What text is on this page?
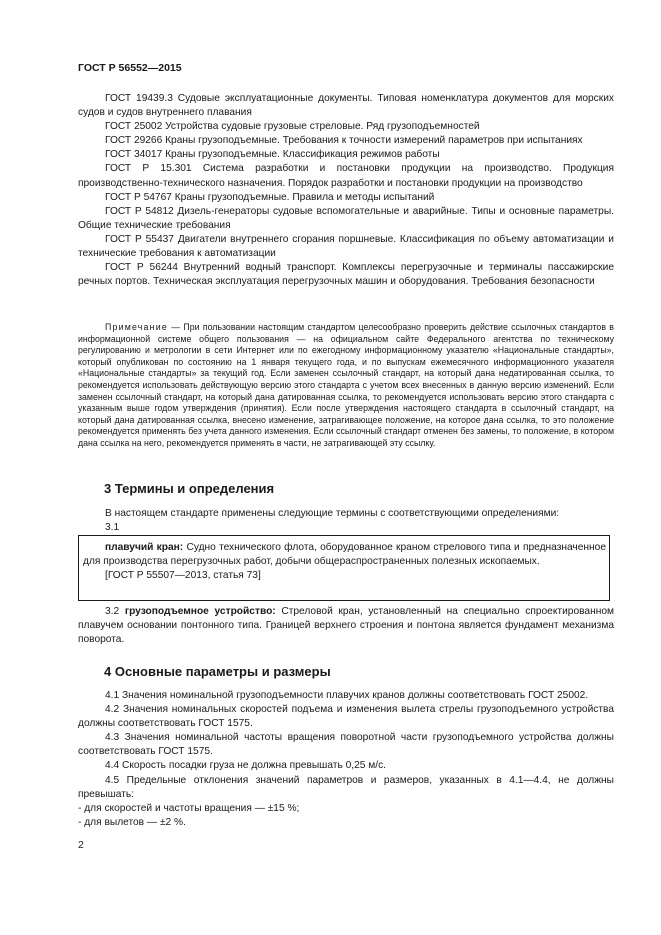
ГОСТ Р 56552—2015

ГОСТ 19439.3 Судовые эксплуатационные документы. Типовая номенклатура документов для морских судов и судов внутреннего плавания

ГОСТ 25002 Устройства судовые грузовые стреловые. Ряд грузоподъемностей

ГОСТ 29266 Краны грузоподъемные. Требования к точности измерений параметров при испытаниях

ГОСТ 34017 Краны грузоподъемные. Классификация режимов работы

ГОСТ Р 15.301 Система разработки и постановки продукции на производство. Продукция производственно-технического назначения. Порядок разработки и постановки продукции на производство

ГОСТ Р 54767 Краны грузоподъемные. Правила и методы испытаний

ГОСТ Р 54812 Дизель-генераторы судовые вспомогательные и аварийные. Типы и основные параметры. Общие технические требования

ГОСТ Р 55437 Двигатели внутреннего сгорания поршневые. Классификация по объему автоматизации и технические требования к автоматизации

ГОСТ Р 56244 Внутренний водный транспорт. Комплексы перегрузочные и терминалы пассажирские речных портов. Техническая эксплуатация перегрузочных машин и оборудования. Требования безопасности

Примечание — При пользовании настоящим стандартом целесообразно проверить действие ссылочных стандартов в информационной системе общего пользования — на официальном сайте Федерального агентства по техническому регулированию и метрологии в сети Интернет или по ежегодному информационному указателю «Национальные стандарты», который опубликован по состоянию на 1 января текущего года, и по выпускам ежемесячного информационного указателя «Национальные стандарты» за текущий год. Если заменен ссылочный стандарт, на который дана недатированная ссылка, то рекомендуется использовать действующую версию этого стандарта с учетом всех внесенных в данную версию изменений. Если заменен ссылочный стандарт, на который дана датированная ссылка, то рекомендуется использовать версию этого стандарта с указанным выше годом утверждения (принятия). Если после утверждения настоящего стандарта в ссылочный стандарт, на который дана датированная ссылка, внесено изменение, затрагивающее положение, на которое дана ссылка, то это положение рекомендуется применять без учета данного изменения. Если ссылочный стандарт отменен без замены, то положение, в котором дана ссылка на него, рекомендуется применять в части, не затрагивающей эту ссылку.

3 Термины и определения

В настоящем стандарте применены следующие термины с соответствующими определениями:

3.1

плавучий кран: Судно технического флота, оборудованное краном стрелового типа и предназначенное для производства перегрузочных работ, добычи общераспространенных полезных ископаемых.

[ГОСТ Р 55507—2013, статья 73]

3.2 грузоподъемное устройство: Стреловой кран, установленный на специально спроектированном плавучем основании понтонного типа. Границей верхнего строения и понтона является фундамент механизма поворота.

4 Основные параметры и размеры

4.1 Значения номинальной грузоподъемности плавучих кранов должны соответствовать ГОСТ 25002.

4.2 Значения номинальных скоростей подъема и изменения вылета стрелы грузоподъемного устройства должны соответствовать ГОСТ 1575.

4.3 Значения номинальной частоты вращения поворотной части грузоподъемного устройства должны соответствовать ГОСТ 1575.

4.4 Скорость посадки груза не должна превышать 0,25 м/с.

4.5 Предельные отклонения значений параметров и размеров, указанных в 4.1—4.4, не должны превышать:

- для скоростей и частоты вращения — ±15 %;

- для вылетов — ±2 %.

2
